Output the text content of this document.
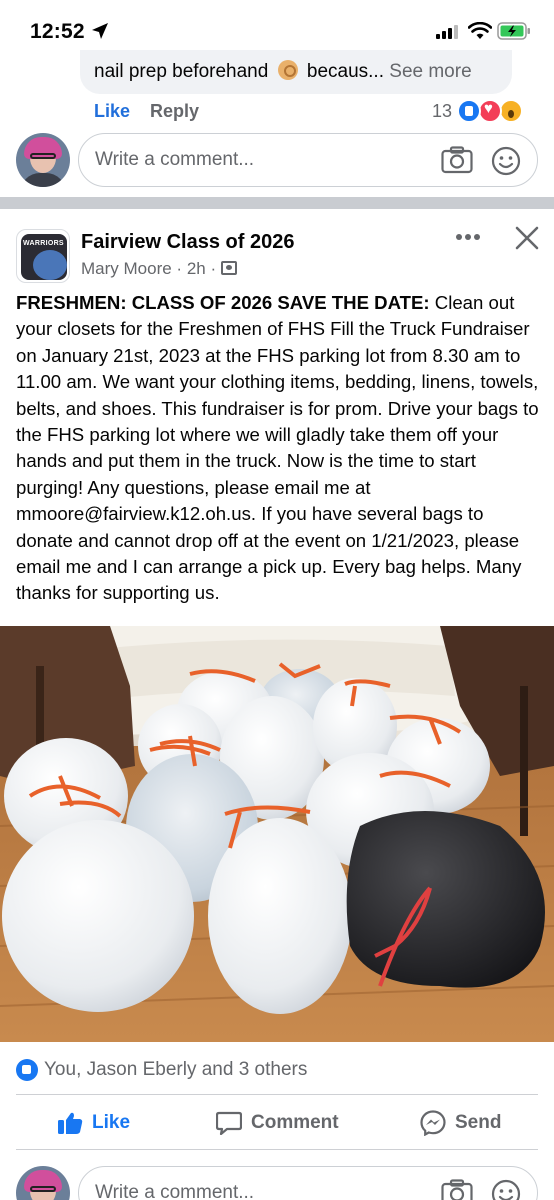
12:52
nail prep beforehand becaus... See more
Like Reply	13
♥
Write a comment...
WARRIORS Fairview Class of 2026
Mary Moore · 2h ·
FRESHMEN: CLASS OF 2026 SAVE THE DATE: Clean out your closets for the Freshmen of FHS Fill the Truck Fundraiser on January 21st, 2023 at the FHS parking lot from 8.30 am to 11.00 am. We want your clothing items, bedding, linens, towels, belts, and shoes. This fundraiser is for prom. Drive your bags to the FHS parking lot where we will gladly take them off your hands and put them in the truck. Now is the time to start purging! Any questions, please email me at mmoore@fairview.k12.oh.us. If you have several bags to donate and cannot drop off at the event on 1/21/2023, please email me and I can arrange a pick up. Every bag helps. Many thanks for supporting us.
You, Jason Eberly and 3 others
Like	Comment	Send
Write a comment...
